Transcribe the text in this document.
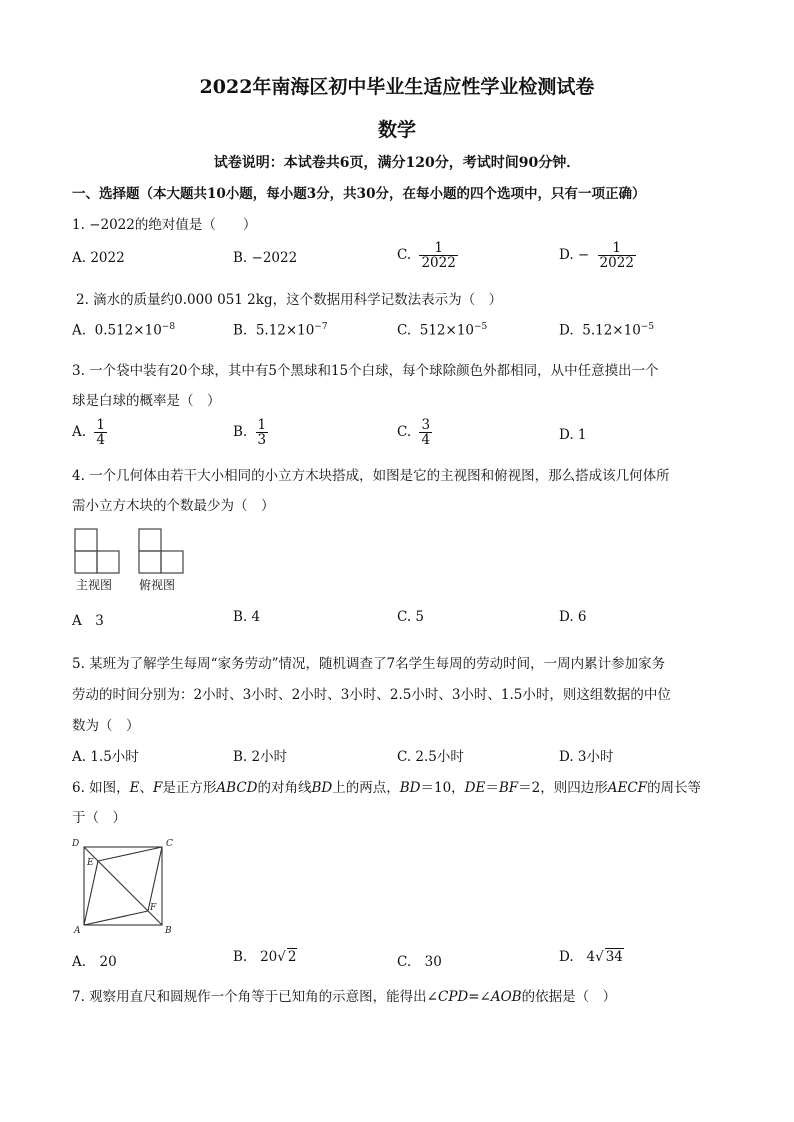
2022年南海区初中毕业生适应性学业检测试卷
数学
试卷说明：本试卷共6页，满分120分，考试时间90分钟．
一、选择题（本大题共10小题，每小题3分，共30分，在每小题的四个选项中，只有一项正确）
1. −2022的绝对值是（　　）
A. 2022	B. −2022	C. $\frac{1}{2022}$	D. − $\frac{1}{2022}$
2. 滴水的质量约0.000 051 2kg，这个数据用科学记数法表示为（　）
A. $0.512\times 10^{-8}$	B. $5.12\times 10^{-7}$	C. $512\times 10^{-5}$	D. $5.12\times 10^{-5}$
3. 一个袋中装有20个球，其中有5个黑球和15个白球，每个球除颜色外都相同，从中任意摸出一个
球是白球的概率是（　）
A. $\frac{1}{4}$	B. $\frac{1}{3}$	C. $\frac{3}{4}$	D. 1
4. 一个几何体由若干大小相同的小立方木块搭成，如图是它的主视图和俯视图，那么搭成该几何体所
需小立方木块的个数最少为（　）
主视图 俯视图
A　3	B. 4	C. 5	D. 6
5. 某班为了解学生每周“家务劳动”情况，随机调查了7名学生每周的劳动时间，一周内累计参加家务
劳动的时间分别为：2小时、3小时、2小时、3小时、2.5小时、3小时、1.5小时，则这组数据的中位
数为（　）
A. 1.5小时	B. 2小时	C. 2.5小时	D. 3小时
6. 如图，E、F是正方形ABCD的对角线BD上的两点，BD＝10，DE＝BF＝2，则四边形AECF的周长等
于（　）
D	C
E
F
A	B
A.　20	B. 20√ 2	C.　30	D. 4√ 34
7. 观察用直尺和圆规作一个角等于已知角的示意图，能得出∠CPD=∠AOB的依据是（　）
